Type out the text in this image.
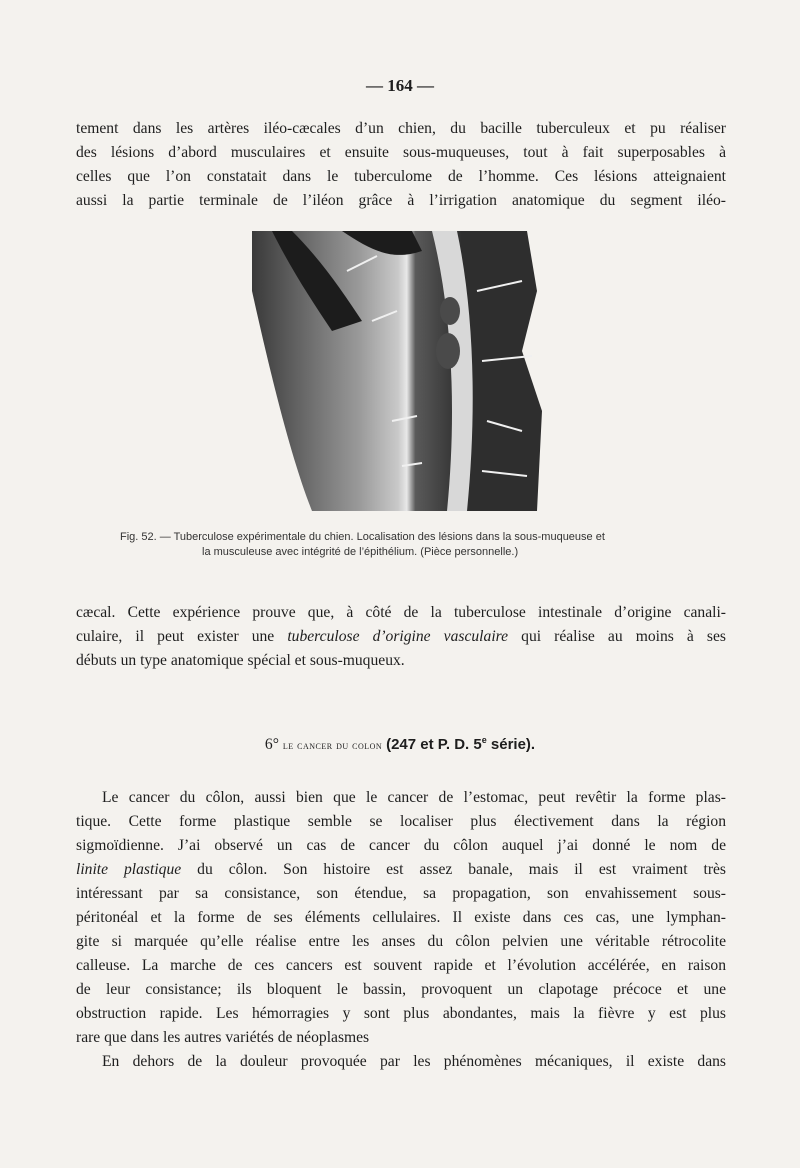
— 164 —
tement dans les artères iléo-cæcales d’un chien, du bacille tuberculeux et pu réaliser
des lésions d’abord musculaires et ensuite sous-muqueuses, tout à fait superposables à
celles que l’on constatait dans le tuberculome de l’homme. Ces lésions atteignaient
aussi la partie terminale de l’iléon grâce à l’irrigation anatomique du segment iléo-
Fig. 52. — Tuberculose expérimentale du chien. Localisation des lésions dans la sous-muqueuse et
la musculeuse avec intégrité de l’épithélium. (Pièce personnelle.)
cæcal. Cette expérience prouve que, à côté de la tuberculose intestinale d’origine canali-
culaire, il peut exister une tuberculose d’origine vasculaire qui réalise au moins à ses
débuts un type anatomique spécial et sous-muqueux.
6° le cancer du colon (247 et P. D. 5e série).
Le cancer du côlon, aussi bien que le cancer de l’estomac, peut revêtir la forme plas-
tique. Cette forme plastique semble se localiser plus électivement dans la région
sigmoïdienne. J’ai observé un cas de cancer du côlon auquel j’ai donné le nom de
linite plastique du côlon. Son histoire est assez banale, mais il est vraiment très
intéressant par sa consistance, son étendue, sa propagation, son envahissement sous-
péritonéal et la forme de ses éléments cellulaires. Il existe dans ces cas, une lymphan-
gite si marquée qu’elle réalise entre les anses du côlon pelvien une véritable rétrocolite
calleuse. La marche de ces cancers est souvent rapide et l’évolution accélérée, en raison
de leur consistance; ils bloquent le bassin, provoquent un clapotage précoce et une
obstruction rapide. Les hémorragies y sont plus abondantes, mais la fièvre y est plus
rare que dans les autres variétés de néoplasmes
En dehors de la douleur provoquée par les phénomènes mécaniques, il existe dans
